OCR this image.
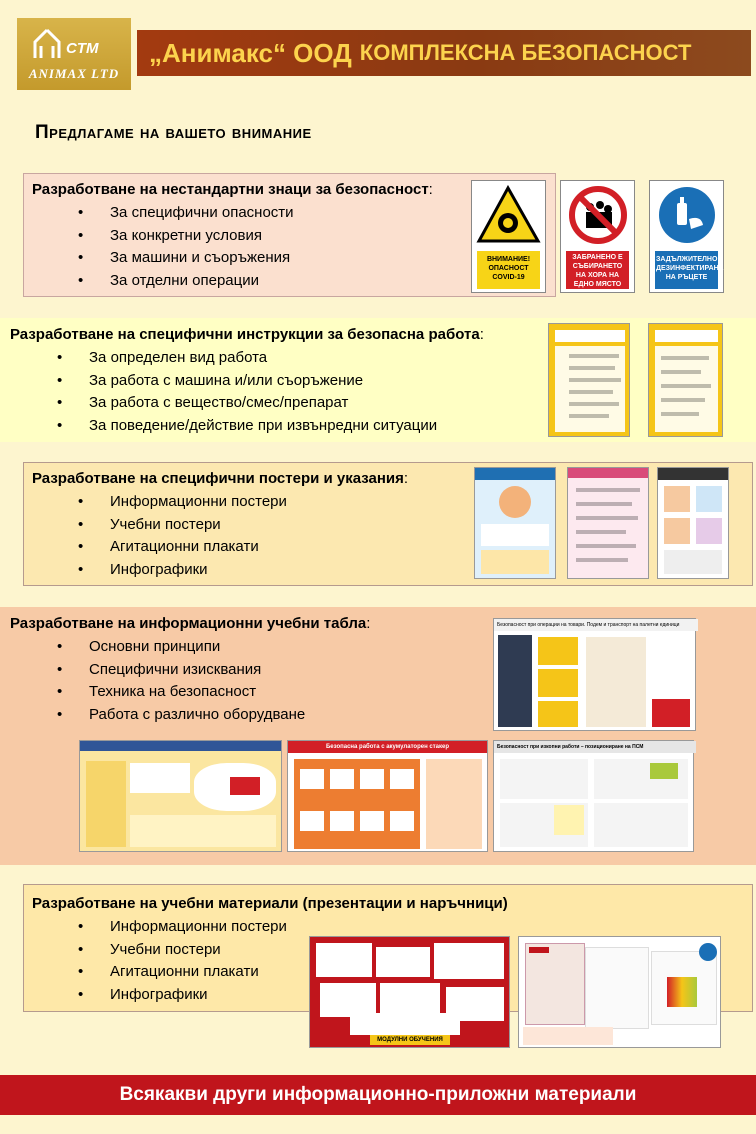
CTM
ANIMAX LTD
„Анимакс“ ООД КОМПЛЕКСНА БЕЗОПАСНОСТ
Предлагаме на вашето внимание
Разработване на нестандартни знаци за безопасност:
• За специфични опасности
• За конкретни условия
• За машини и съоръжения
• За отделни операции
ВНИМАНИЕ! ОПАСНОСТ COVID-19
ЗАБРАНЕНО Е СЪБИРАНЕТО НА ХОРА НА ЕДНО МЯСТО
ЗАДЪЛЖИТЕЛНО ДЕЗИНФЕКТИРАНЕ НА РЪЦЕТЕ
Разработване на специфични инструкции за безопасна работа:
• За определен вид работа
• За работа с машина и/или съоръжение
• За работа с вещество/смес/препарат
• За поведение/действие при извънредни ситуации
Разработване на специфични постери и указания:
• Информационни постери
• Учебни постери
• Агитационни плакати
• Инфографики
Разработване на информационни учебни табла:
• Основни принципи
• Специфични изисквания
• Техника на безопасност
• Работа с различно оборудване
Безопасност при операции на товари. Подем и транспорт на палетни единици
Безопасна работа с акумулаторен стакер	Безопасност при изкопни работи – позициониране на ПСМ
Разработване на учебни материали (презентации и наръчници)
• Информационни постери
• Учебни постери
• Агитационни плакати
• Инфографики
МОДУЛНИ ОБУЧЕНИЯ
Всякакви други информационно-приложни материали
